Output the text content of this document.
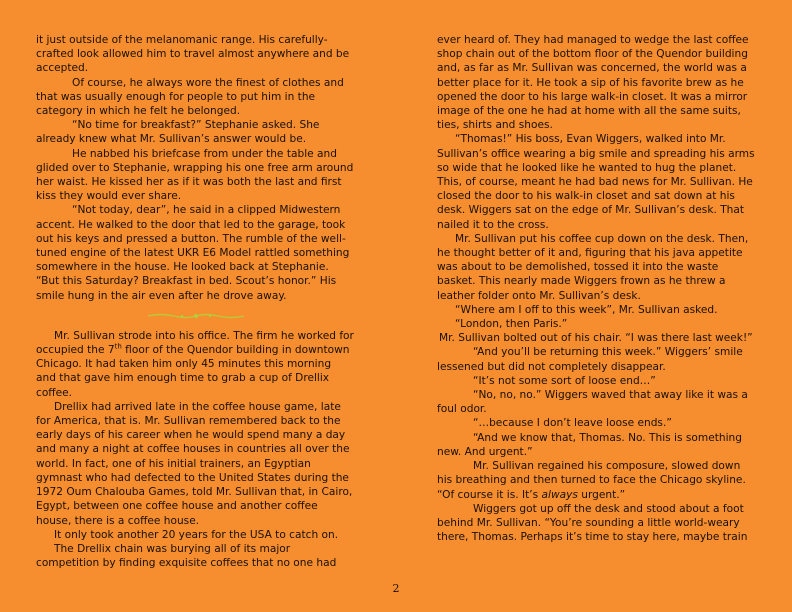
it just outside of the melanomanic range. His carefully-crafted look allowed him to travel almost anywhere and be accepted.

Of course, he always wore the finest of clothes and that was usually enough for people to put him in the category in which he felt he belonged.

“No time for breakfast?” Stephanie asked. She already knew what Mr. Sullivan’s answer would be.

He nabbed his briefcase from under the table and glided over to Stephanie, wrapping his one free arm around her waist. He kissed her as if it was both the last and first kiss they would ever share.

“Not today, dear”, he said in a clipped Midwestern accent. He walked to the door that led to the garage, took out his keys and pressed a button. The rumble of the well-tuned engine of the latest UKR E6 Model rattled something somewhere in the house. He looked back at Stephanie. “But this Saturday? Breakfast in bed. Scout’s honor.” His smile hung in the air even after he drove away.

Mr. Sullivan strode into his office. The firm he worked for occupied the 7th floor of the Quendor building in downtown Chicago. It had taken him only 45 minutes this morning and that gave him enough time to grab a cup of Drellix coffee.

Drellix had arrived late in the coffee house game, late for America, that is. Mr. Sullivan remembered back to the early days of his career when he would spend many a day and many a night at coffee houses in countries all over the world. In fact, one of his initial trainers, an Egyptian gymnast who had defected to the United States during the 1972 Oum Chalouba Games, told Mr. Sullivan that, in Cairo, Egypt, between one coffee house and another coffee house, there is a coffee house.

It only took another 20 years for the USA to catch on.

The Drellix chain was burying all of its major competition by finding exquisite coffees that no one had

ever heard of. They had managed to wedge the last coffee shop chain out of the bottom floor of the Quendor building and, as far as Mr. Sullivan was concerned, the world was a better place for it. He took a sip of his favorite brew as he opened the door to his large walk-in closet. It was a mirror image of the one he had at home with all the same suits, ties, shirts and shoes.

“Thomas!” His boss, Evan Wiggers, walked into Mr. Sullivan’s office wearing a big smile and spreading his arms so wide that he looked like he wanted to hug the planet. This, of course, meant he had bad news for Mr. Sullivan. He closed the door to his walk-in closet and sat down at his desk. Wiggers sat on the edge of Mr. Sullivan’s desk. That nailed it to the cross.

Mr. Sullivan put his coffee cup down on the desk. Then, he thought better of it and, figuring that his java appetite was about to be demolished, tossed it into the waste basket. This nearly made Wiggers frown as he threw a leather folder onto Mr. Sullivan’s desk.

“Where am I off to this week”, Mr. Sullivan asked.

“London, then Paris.”

Mr. Sullivan bolted out of his chair. “I was there last week!”

“And you’ll be returning this week.” Wiggers’ smile lessened but did not completely disappear.

“It’s not some sort of loose end…”

“No, no, no.” Wiggers waved that away like it was a foul odor.

“…because I don’t leave loose ends.”

“And we know that, Thomas. No. This is something new. And urgent.”

Mr. Sullivan regained his composure, slowed down his breathing and then turned to face the Chicago skyline. “Of course it is. It’s always urgent.”

Wiggers got up off the desk and stood about a foot behind Mr. Sullivan. “You’re sounding a little world-weary there, Thomas. Perhaps it’s time to stay here, maybe train

2
